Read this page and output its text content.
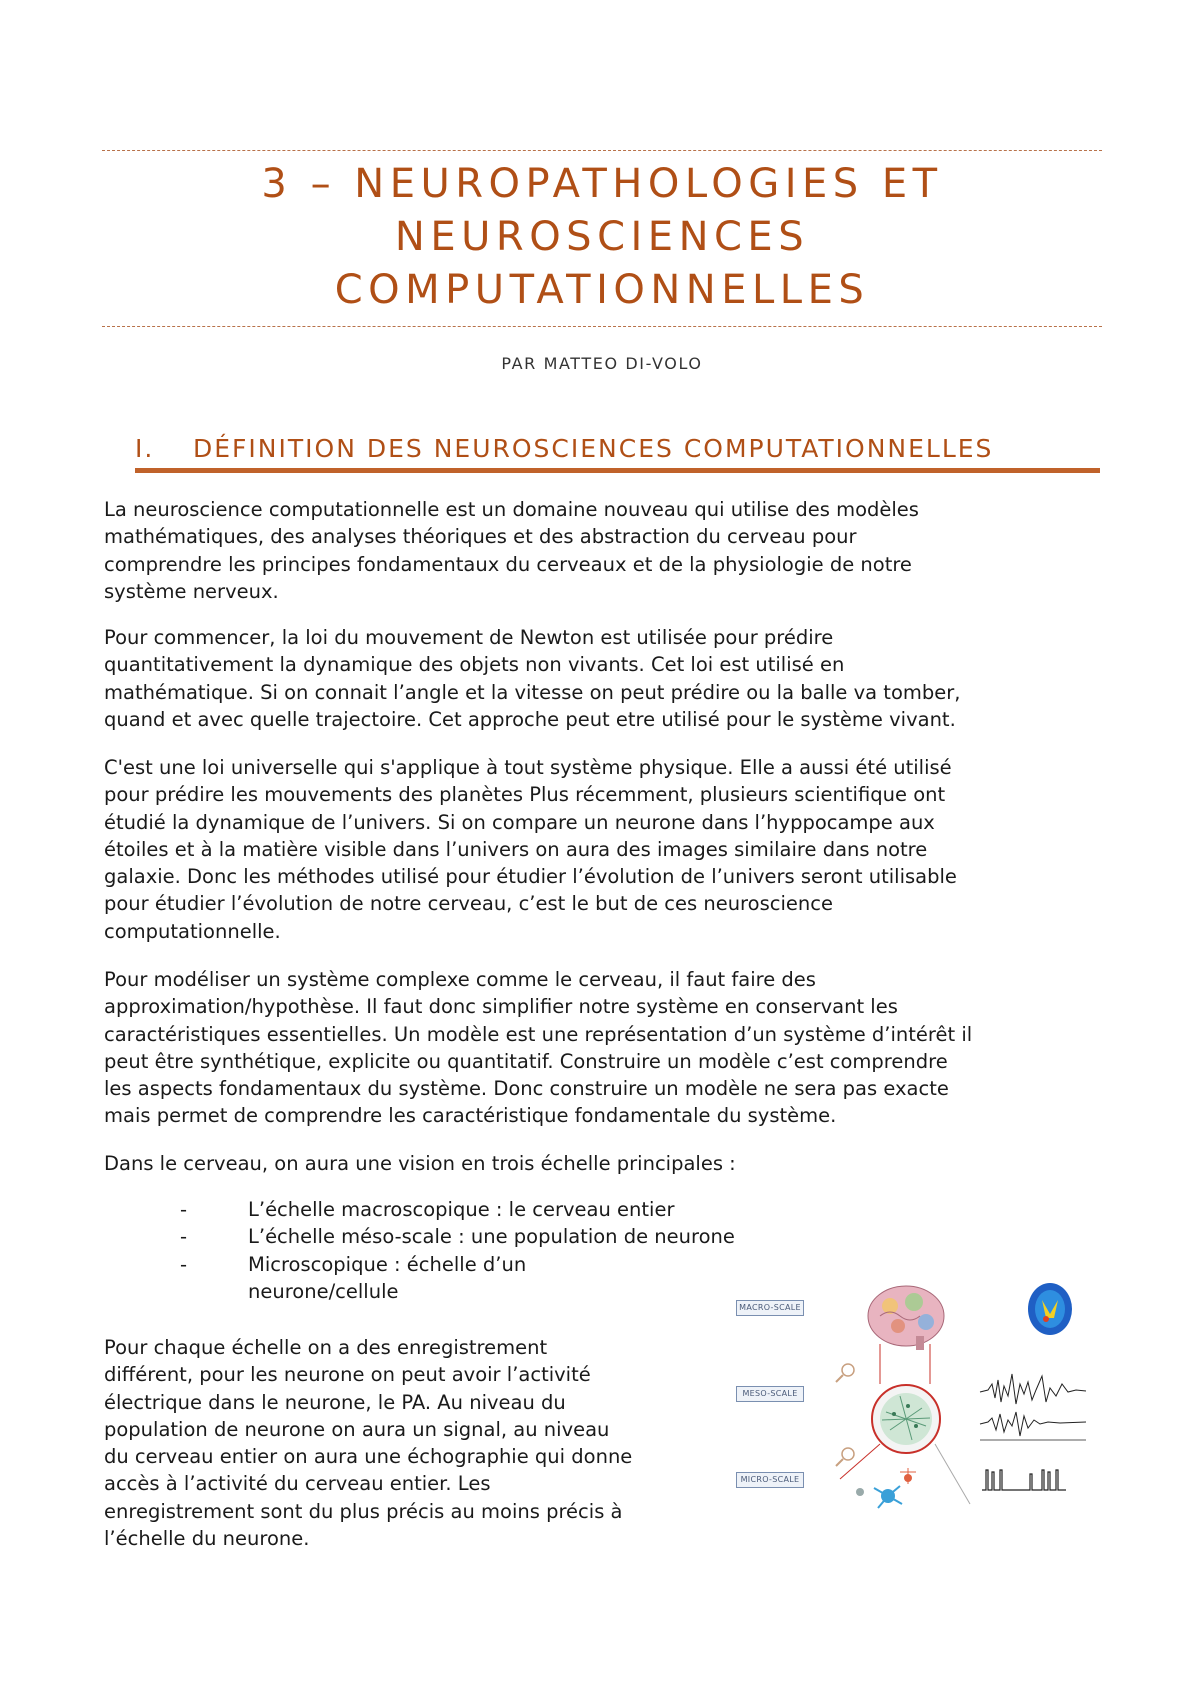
3 – NEUROPATHOLOGIES ET
NEUROSCIENCES
COMPUTATIONNELLES
PAR MATTEO DI-VOLO
I. DÉFINITION DES NEUROSCIENCES COMPUTATIONNELLES
La neuroscience computationnelle est un domaine nouveau qui utilise des modèles
mathématiques, des analyses théoriques et des abstraction du cerveau pour
comprendre les principes fondamentaux du cerveaux et de la physiologie de notre
système nerveux.
Pour commencer, la loi du mouvement de Newton est utilisée pour prédire
quantitativement la dynamique des objets non vivants. Cet loi est utilisé en
mathématique. Si on connait l’angle et la vitesse on peut prédire ou la balle va tomber,
quand et avec quelle trajectoire. Cet approche peut etre utilisé pour le système vivant.
C'est une loi universelle qui s'applique à tout système physique. Elle a aussi été utilisé
pour prédire les mouvements des planètes Plus récemment, plusieurs scientifique ont
étudié la dynamique de l’univers. Si on compare un neurone dans l’hyppocampe aux
étoiles et à la matière visible dans l’univers on aura des images similaire dans notre
galaxie. Donc les méthodes utilisé pour étudier l’évolution de l’univers seront utilisable
pour étudier l’évolution de notre cerveau, c’est le but de ces neuroscience
computationnelle.
Pour modéliser un système complexe comme le cerveau, il faut faire des
approximation/hypothèse. Il faut donc simplifier notre système en conservant les
caractéristiques essentielles. Un modèle est une représentation d’un système d’intérêt il
peut être synthétique, explicite ou quantitatif. Construire un modèle c’est comprendre
les aspects fondamentaux du système. Donc construire un modèle ne sera pas exacte
mais permet de comprendre les caractéristique fondamentale du système.
Dans le cerveau, on aura une vision en trois échelle principales :
-	L’échelle macroscopique : le cerveau entier
-	L’échelle méso-scale : une population de neurone
-	Microscopique : échelle d’un
neurone/cellule
Pour chaque échelle on a des enregistrement
différent, pour les neurone on peut avoir l’activité
électrique dans le neurone, le PA. Au niveau du
population de neurone on aura un signal, au niveau
du cerveau entier on aura une échographie qui donne
accès à l’activité du cerveau entier. Les
enregistrement sont du plus précis au moins précis à
l’échelle du neurone.
MACRO-SCALE
MESO-SCALE
MICRO-SCALE
